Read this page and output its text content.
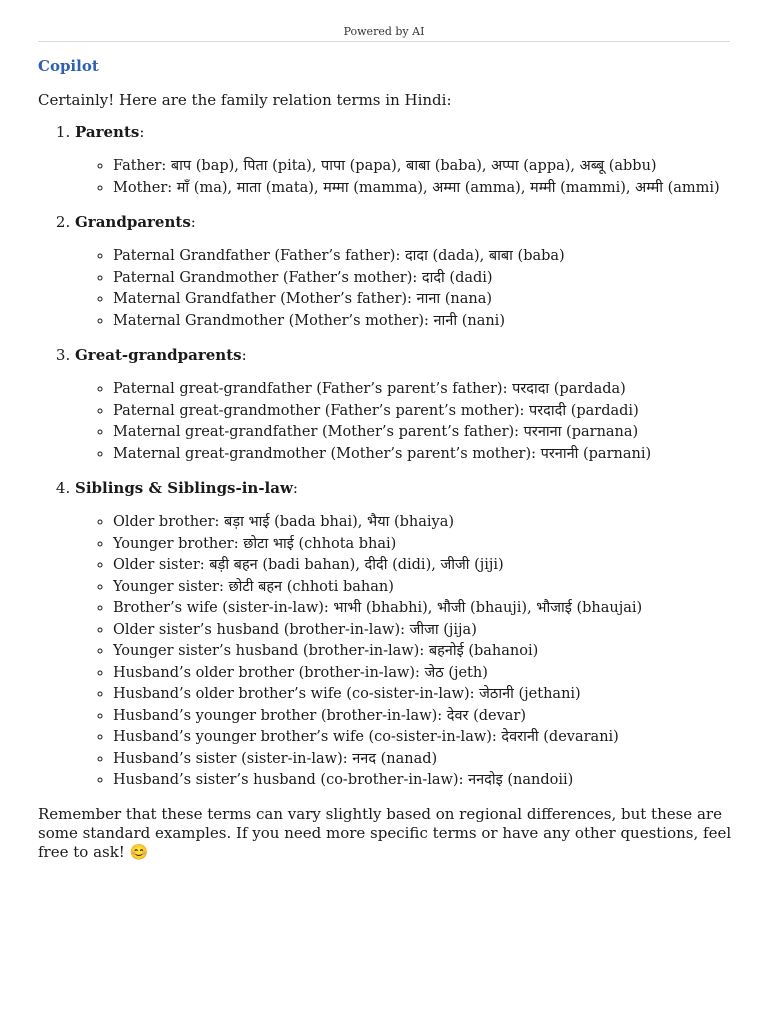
Powered by AI
Copilot

Certainly! Here are the family relation terms in Hindi:

1. Parents:
◦ Father: बाप (bap), पिता (pita), पापा (papa), बाबा (baba), अप्पा (appa), अब्बू (abbu)
◦ Mother: माँ (ma), माता (mata), मम्मा (mamma), अम्मा (amma), मम्मी (mammi), अम्मी (ammi)
2. Grandparents:
◦ Paternal Grandfather (Father’s father): दादा (dada), बाबा (baba)
◦ Paternal Grandmother (Father’s mother): दादी (dadi)
◦ Maternal Grandfather (Mother’s father): नाना (nana)
◦ Maternal Grandmother (Mother’s mother): नानी (nani)
3. Great-grandparents:
◦ Paternal great-grandfather (Father’s parent’s father): परदादा (pardada)
◦ Paternal great-grandmother (Father’s parent’s mother): परदादी (pardadi)
◦ Maternal great-grandfather (Mother’s parent’s father): परनाना (parnana)
◦ Maternal great-grandmother (Mother’s parent’s mother): परनानी (parnani)
4. Siblings & Siblings-in-law:
◦ Older brother: बड़ा भाई (bada bhai), भैया (bhaiya)
◦ Younger brother: छोटा भाई (chhota bhai)
◦ Older sister: बड़ी बहन (badi bahan), दीदी (didi), जीजी (jiji)
◦ Younger sister: छोटी बहन (chhoti bahan)
◦ Brother’s wife (sister-in-law): भाभी (bhabhi), भौजी (bhauji), भौजाई (bhaujai)
◦ Older sister’s husband (brother-in-law): जीजा (jija)
◦ Younger sister’s husband (brother-in-law): बहनोई (bahanoi)
◦ Husband’s older brother (brother-in-law): जेठ (jeth)
◦ Husband’s older brother’s wife (co-sister-in-law): जेठानी (jethani)
◦ Husband’s younger brother (brother-in-law): देवर (devar)
◦ Husband’s younger brother’s wife (co-sister-in-law): देवरानी (devarani)
◦ Husband’s sister (sister-in-law): ननद (nanad)
◦ Husband’s sister’s husband (co-brother-in-law): ननदोइ (nandoii)

Remember that these terms can vary slightly based on regional differences, but these are some standard examples. If you need more specific terms or have any other questions, feel free to ask! 😊
